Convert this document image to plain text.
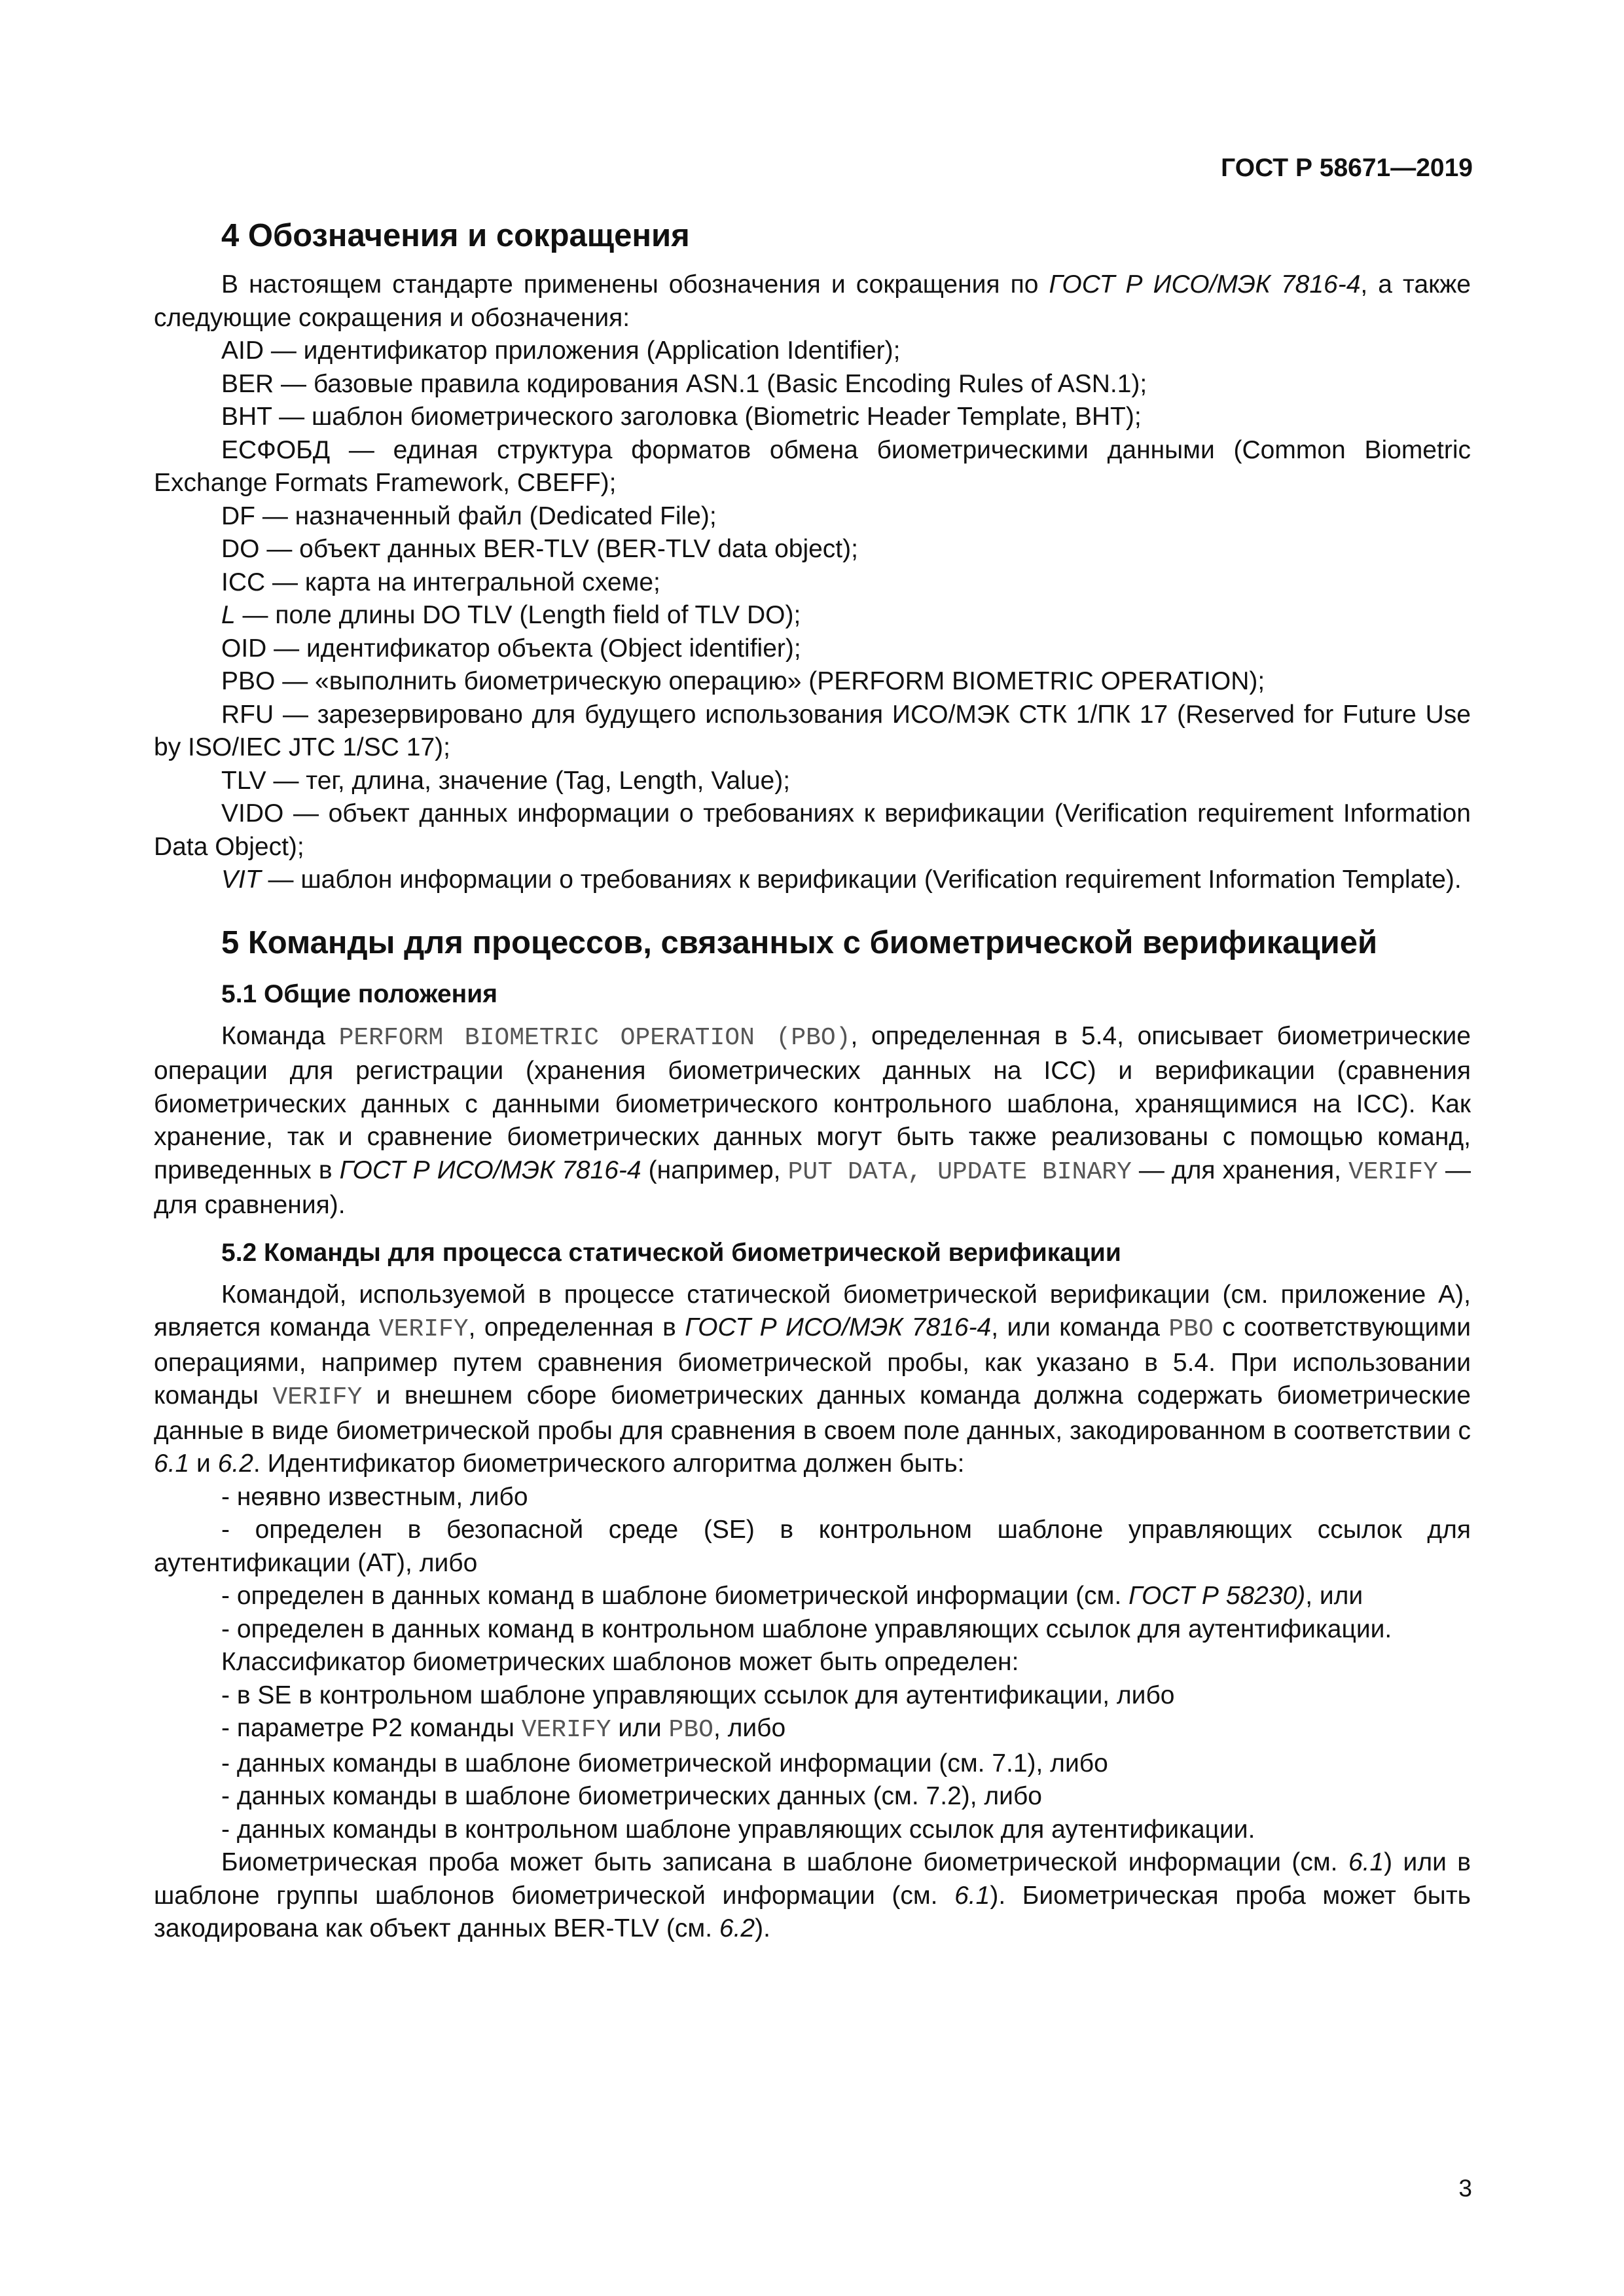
ГОСТ Р 58671—2019
4 Обозначения и сокращения

В настоящем стандарте применены обозначения и сокращения по ГОСТ Р ИСО/МЭК 7816-4, а также следующие сокращения и обозначения:

AID — идентификатор приложения (Application Identifier);

BER — базовые правила кодирования ASN.1 (Basic Encoding Rules of ASN.1);

BHT — шаблон биометрического заголовка (Biometric Header Template, BHT);

ЕСФОБД — единая структура форматов обмена биометрическими данными (Common Biometric Exchange Formats Framework, CBEFF);

DF — назначенный файл (Dedicated File);

DO — объект данных BER-TLV (BER-TLV data object);

ICC — карта на интегральной схеме;

L — поле длины DO TLV (Length field of TLV DO);

OID — идентификатор объекта (Object identifier);

PBO — «выполнить биометрическую операцию» (PERFORM BIOMETRIC OPERATION);

RFU — зарезервировано для будущего использования ИСО/МЭК СТК 1/ПК 17 (Reserved for Future Use by ISO/IEC JTC 1/SC 17);

TLV — тег, длина, значение (Tag, Length, Value);

VIDO — объект данных информации о требованиях к верификации (Verification requirement Information Data Object);

VIT — шаблон информации о требованиях к верификации (Verification requirement Information Template).

5 Команды для процессов, связанных с биометрической верификацией
5.1 Общие положения

Команда PERFORM BIOMETRIC OPERATION (PBO), определенная в 5.4, описывает биометрические операции для регистрации (хранения биометрических данных на ICC) и верификации (сравнения биометрических данных с данными биометрического контрольного шаблона, хранящимися на ICC). Как хранение, так и сравнение биометрических данных могут быть также реализованы с помощью команд, приведенных в ГОСТ Р ИСО/МЭК 7816-4 (например, PUT DATA, UPDATE BINARY — для хранения, VERIFY — для сравнения).

5.2 Команды для процесса статической биометрической верификации

Командой, используемой в процессе статической биометрической верификации (см. приложение А), является команда VERIFY, определенная в ГОСТ Р ИСО/МЭК 7816-4, или команда PBO с соответствующими операциями, например путем сравнения биометрической пробы, как указано в 5.4. При использовании команды VERIFY и внешнем сборе биометрических данных команда должна содержать биометрические данные в виде биометрической пробы для сравнения в своем поле данных, закодированном в соответствии с 6.1 и 6.2. Идентификатор биометрического алгоритма должен быть:

- неявно известным, либо

- определен в безопасной среде (SE) в контрольном шаблоне управляющих ссылок для аутентификации (АТ), либо

- определен в данных команд в шаблоне биометрической информации (см. ГОСТ Р 58230), или

- определен в данных команд в контрольном шаблоне управляющих ссылок для аутентификации.

Классификатор биометрических шаблонов может быть определен:

- в SE в контрольном шаблоне управляющих ссылок для аутентификации, либо

- параметре Р2 команды VERIFY или PBO, либо

- данных команды в шаблоне биометрической информации (см. 7.1), либо

- данных команды в шаблоне биометрических данных (см. 7.2), либо

- данных команды в контрольном шаблоне управляющих ссылок для аутентификации.

Биометрическая проба может быть записана в шаблоне биометрической информации (см. 6.1) или в шаблоне группы шаблонов биометрической информации (см. 6.1). Биометрическая проба может быть закодирована как объект данных BER-TLV (см. 6.2).

3
